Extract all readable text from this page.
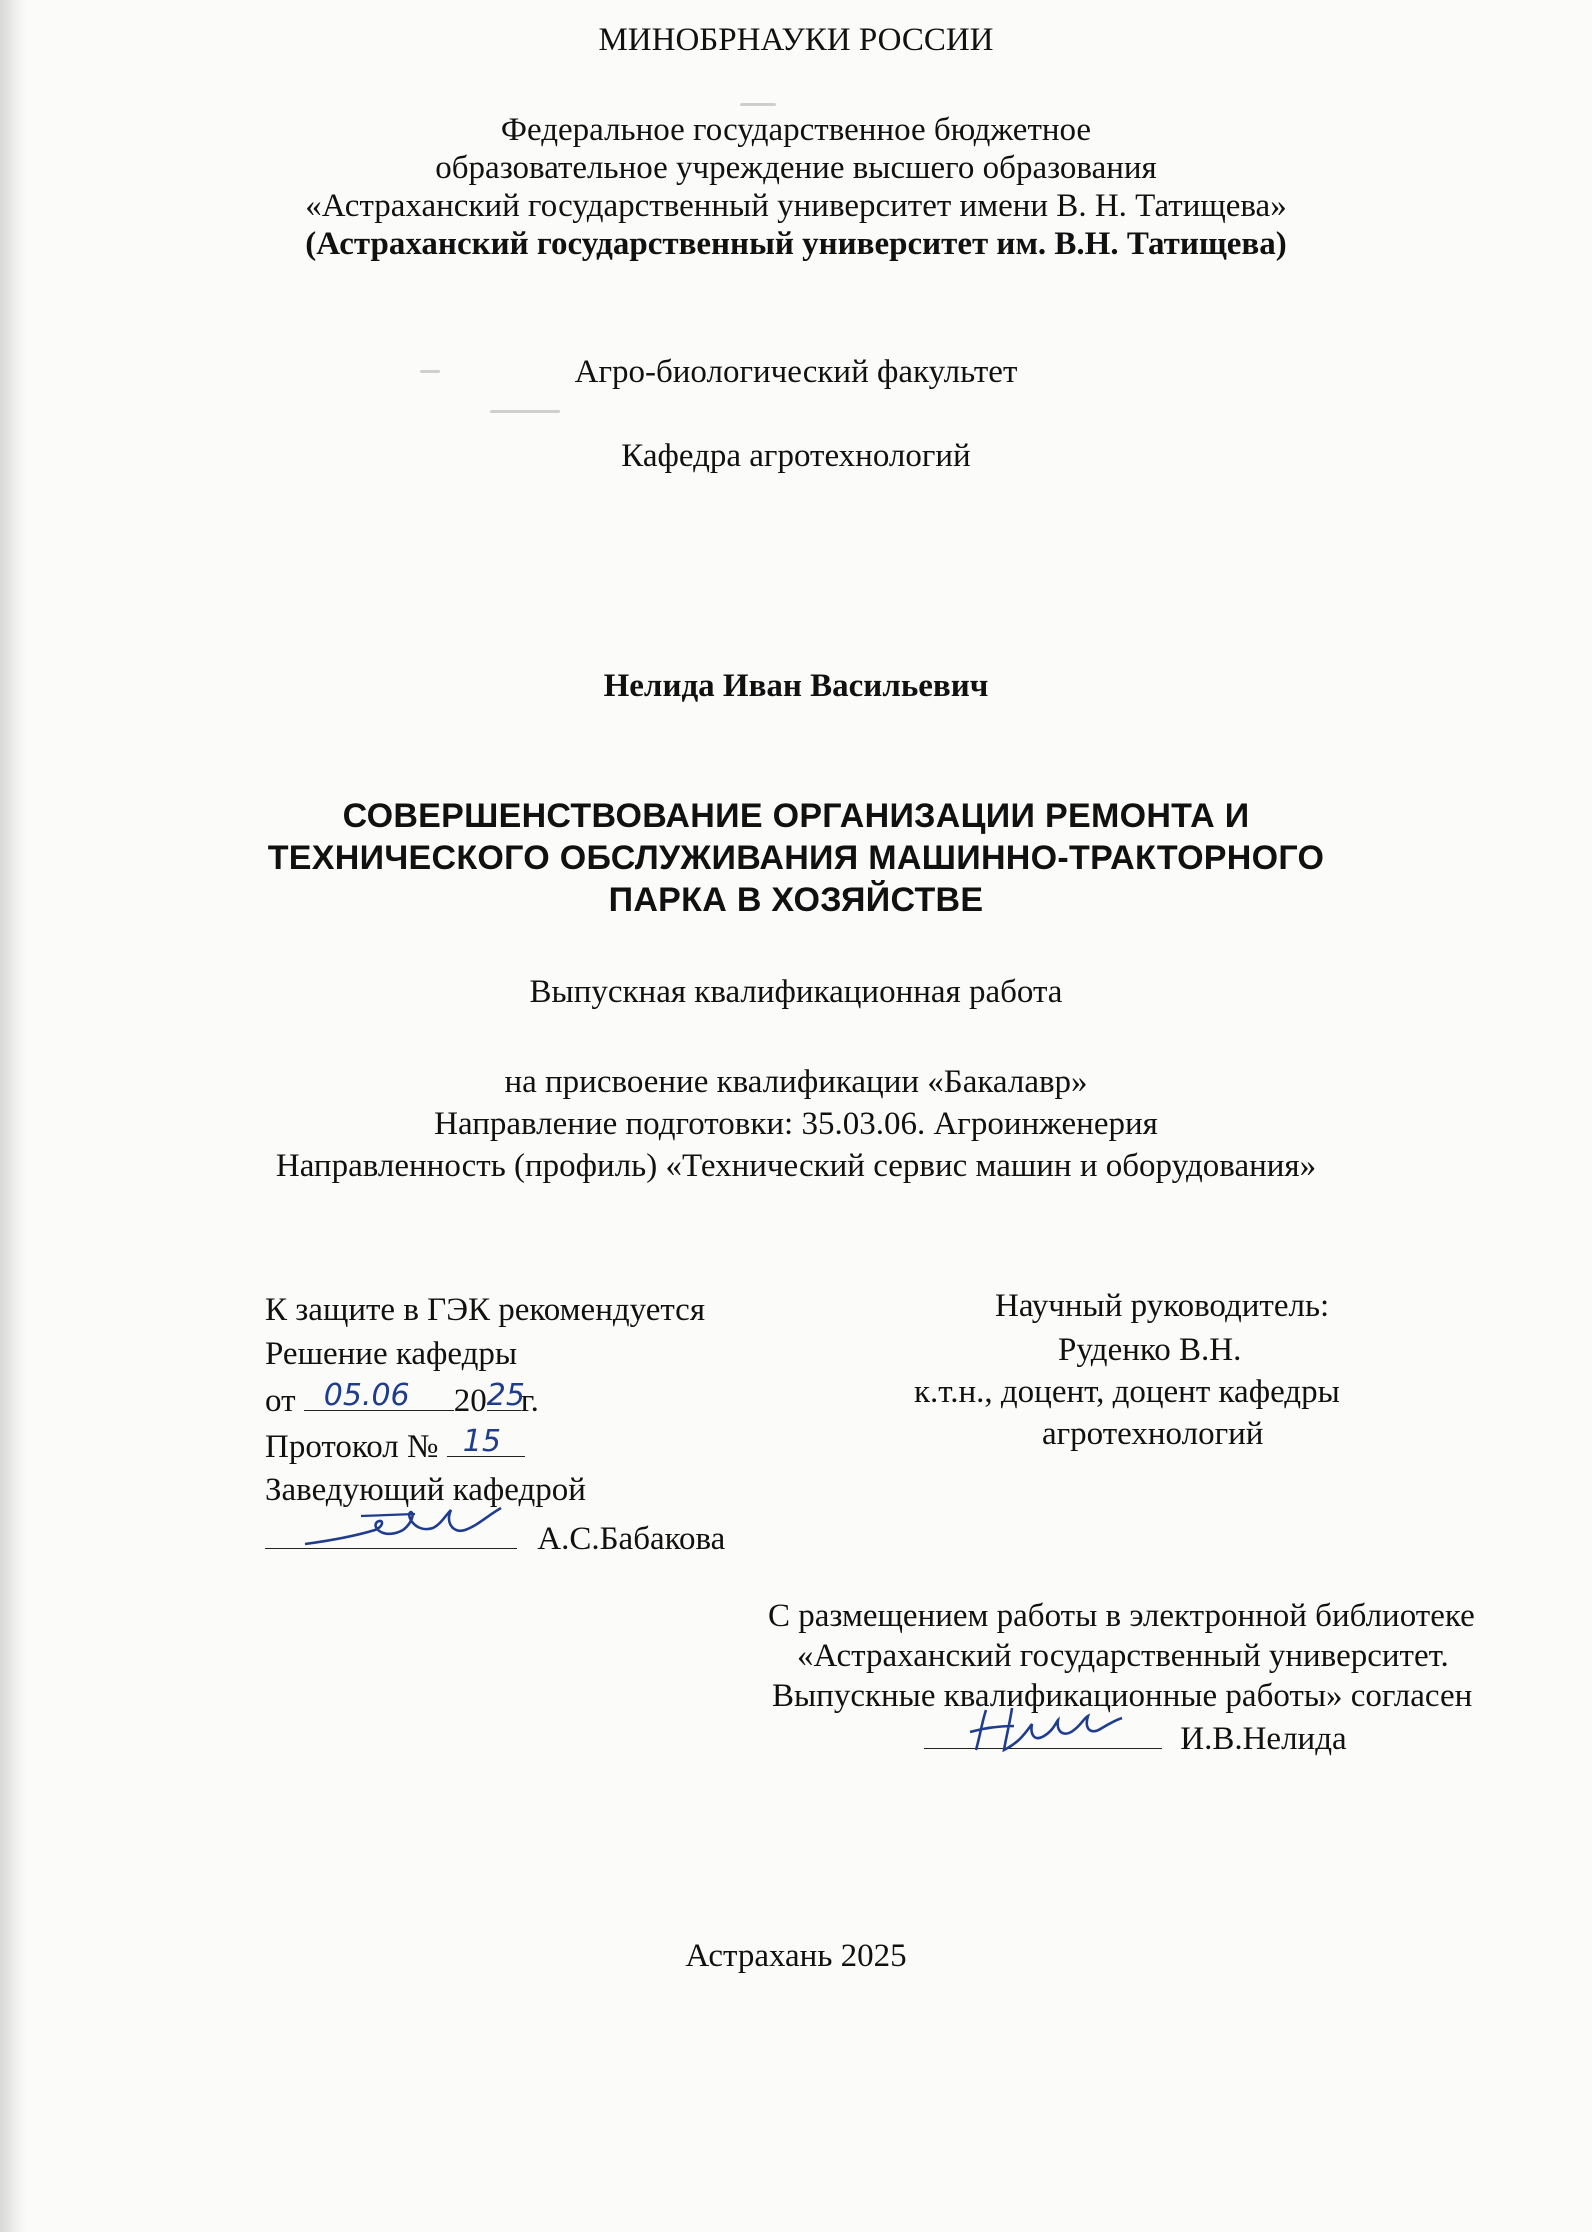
МИНОБРНАУКИ РОССИИ
Федеральное государственное бюджетное
образовательное учреждение высшего образования
«Астраханский государственный университет имени В. Н. Татищева»
(Астраханский государственный университет им. В.Н. Татищева)
Агро-биологический факультет
Кафедра агротехнологий
Нелида Иван Васильевич
СОВЕРШЕНСТВОВАНИЕ ОРГАНИЗАЦИИ РЕМОНТА И
ТЕХНИЧЕСКОГО ОБСЛУЖИВАНИЯ МАШИННО-ТРАКТОРНОГО
ПАРКА В ХОЗЯЙСТВЕ
Выпускная квалификационная работа
на присвоение квалификации «Бакалавр»
Направление подготовки: 35.03.06. Агроинженерия
Направленность (профиль) «Технический сервис машин и оборудования»
К защите в ГЭК рекомендуется
Решение кафедры
от 05.06 20 25
г.
Протокол № 15
Заведующий кафедрой
А.С.Бабакова
Научный руководитель:
Руденко В.Н.
к.т.н., доцент, доцент кафедры
агротехнологий
С размещением работы в электронной библиотеке
«Астраханский государственный университет.
Выпускные квалификационные работы» согласен
И.В.Нелида
Астрахань 2025
